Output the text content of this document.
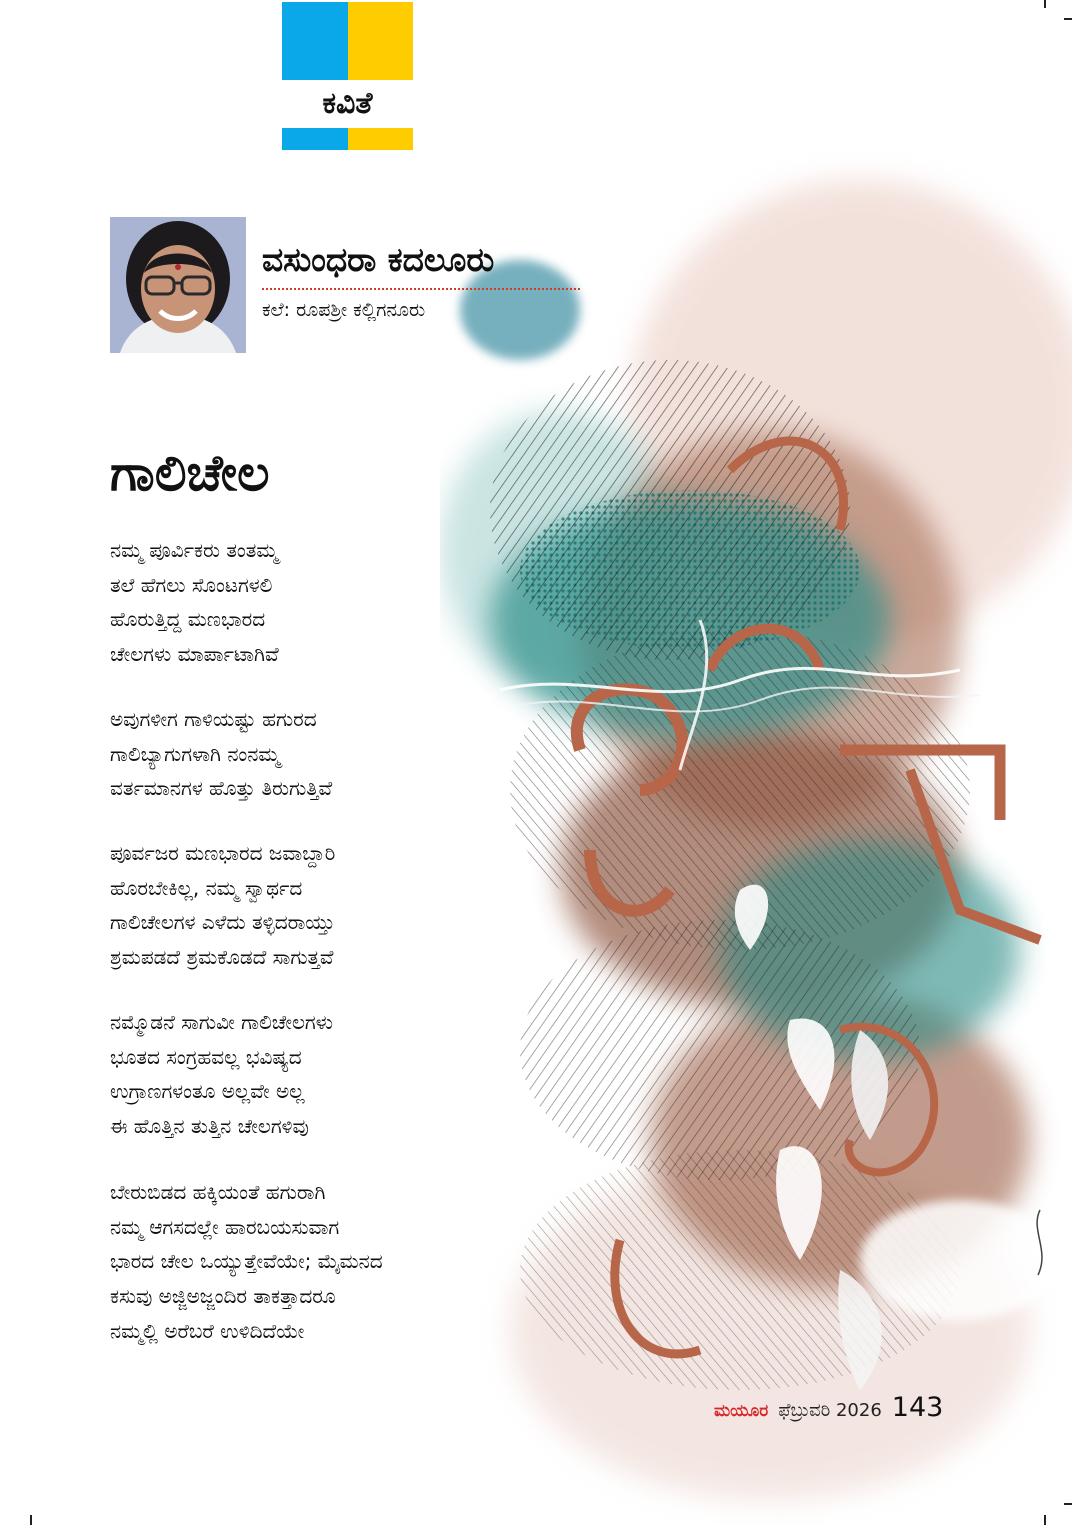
ಕವಿತೆ
ವಸುಂಧರಾ ಕದಲೂರು
ಕಲೆ: ರೂಪಶ್ರೀ ಕಲ್ಲಿಗನೂರು
ಗಾಲಿಚೇಲ
ನಮ್ಮ ಪೂರ್ವಿಕರು ತಂತಮ್ಮ
ತಲೆ ಹೆಗಲು ಸೊಂಟಗಳಲಿ
ಹೊರುತ್ತಿದ್ದ ಮಣಭಾರದ
ಚೇಲಗಳು ಮಾರ್ಪಾಟಾಗಿವೆ
ಅವುಗಳೀಗ ಗಾಳಿಯಷ್ಟು ಹಗುರದ
ಗಾಲಿಬ್ಯಾಗುಗಳಾಗಿ ನಂನಮ್ಮ
ವರ್ತಮಾನಗಳ ಹೊತ್ತು ತಿರುಗುತ್ತಿವೆ
ಪೂರ್ವಜರ ಮಣಭಾರದ ಜವಾಬ್ದಾರಿ
ಹೊರಬೇಕಿಲ್ಲ, ನಮ್ಮ ಸ್ವಾರ್ಥದ
ಗಾಲಿಚೇಲಗಳ ಎಳೆದು ತಳ್ಳಿದರಾಯ್ತು
ಶ್ರಮಪಡದೆ ಶ್ರಮಕೊಡದೆ ಸಾಗುತ್ತವೆ
ನಮ್ಮೊಡನೆ ಸಾಗುವೀ ಗಾಲಿಚೇಲಗಳು
ಭೂತದ ಸಂಗ್ರಹವಲ್ಲ ಭವಿಷ್ಯದ
ಉಗ್ರಾಣಗಳಂತೂ ಅಲ್ಲವೇ ಅಲ್ಲ
ಈ ಹೊತ್ತಿನ ತುತ್ತಿನ ಚೇಲಗಳಿವು
ಬೇರುಬಿಡದ ಹಕ್ಕಿಯಂತೆ ಹಗುರಾಗಿ
ನಮ್ಮ ಆಗಸದಲ್ಲೇ ಹಾರಬಯಸುವಾಗ
ಭಾರದ ಚೇಲ ಒಯ್ಯುತ್ತೇವೆಯೇ; ಮೈಮನದ
ಕಸುವು ಅಜ್ಜಿಅಜ್ಜಂದಿರ ತಾಕತ್ತಾದರೂ
ನಮ್ಮಲ್ಲಿ ಅರೆಬರೆ ಉಳಿದಿದೆಯೇ
ಮಯೂರ ಫೆಬ್ರುವರಿ 2026 143
